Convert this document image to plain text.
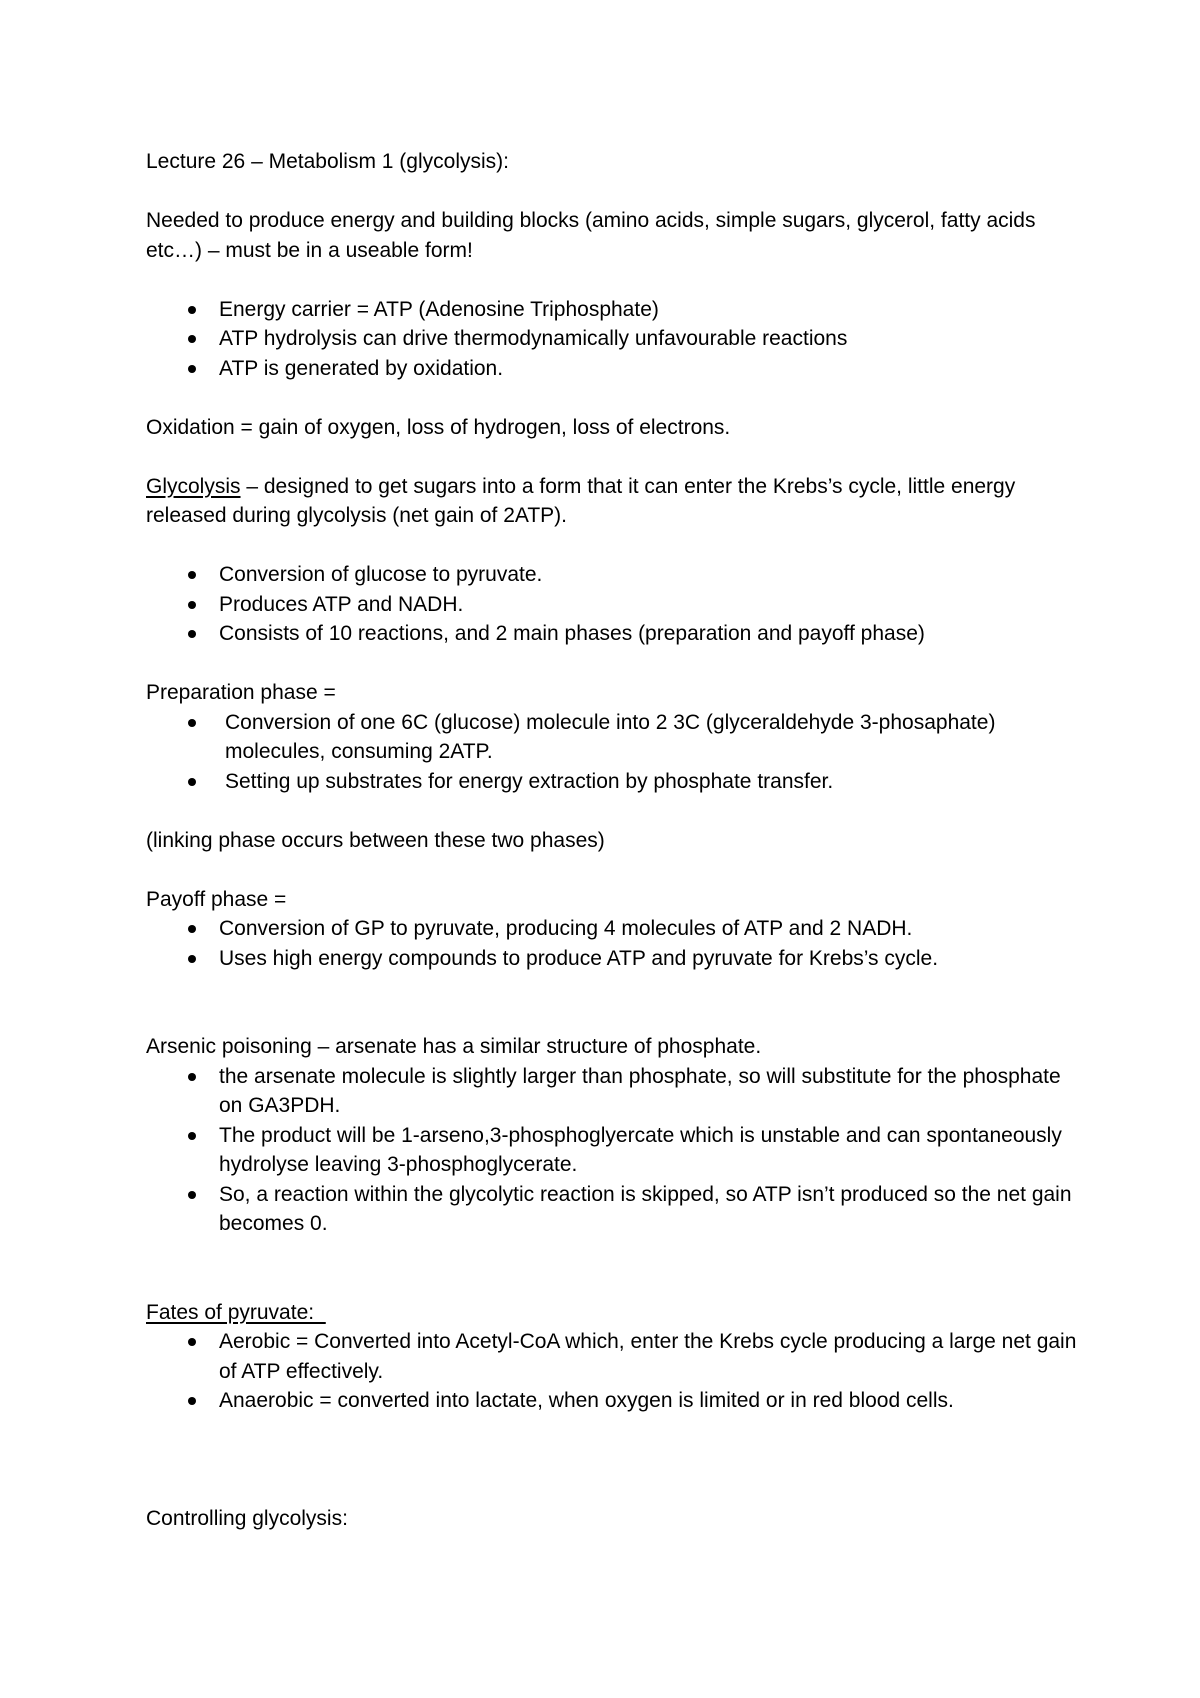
Lecture 26 – Metabolism 1 (glycolysis):

Needed to produce energy and building blocks (amino acids, simple sugars, glycerol, fatty acids etc…) – must be in a useable form!

Energy carrier = ATP (Adenosine Triphosphate)
ATP hydrolysis can drive thermodynamically unfavourable reactions
ATP is generated by oxidation.

Oxidation = gain of oxygen, loss of hydrogen, loss of electrons.

Glycolysis – designed to get sugars into a form that it can enter the Krebs’s cycle, little energy released during glycolysis (net gain of 2ATP).

Conversion of glucose to pyruvate.
Produces ATP and NADH.
Consists of 10 reactions, and 2 main phases (preparation and payoff phase)

Preparation phase =

Conversion of one 6C (glucose) molecule into 2 3C (glyceraldehyde 3-phosaphate) molecules, consuming 2ATP.
Setting up substrates for energy extraction by phosphate transfer.

(linking phase occurs between these two phases)

Payoff phase =

Conversion of GP to pyruvate, producing 4 molecules of ATP and 2 NADH.
Uses high energy compounds to produce ATP and pyruvate for Krebs’s cycle.

Arsenic poisoning – arsenate has a similar structure of phosphate.

the arsenate molecule is slightly larger than phosphate, so will substitute for the phosphate on GA3PDH.
The product will be 1-arseno,3-phosphoglyercate which is unstable and can spontaneously hydrolyse leaving 3-phosphoglycerate.
So, a reaction within the glycolytic reaction is skipped, so ATP isn’t produced so the net gain becomes 0.

Fates of pyruvate:

Aerobic = Converted into Acetyl-CoA which, enter the Krebs cycle producing a large net gain of ATP effectively.
Anaerobic = converted into lactate, when oxygen is limited or in red blood cells.

Controlling glycolysis:
